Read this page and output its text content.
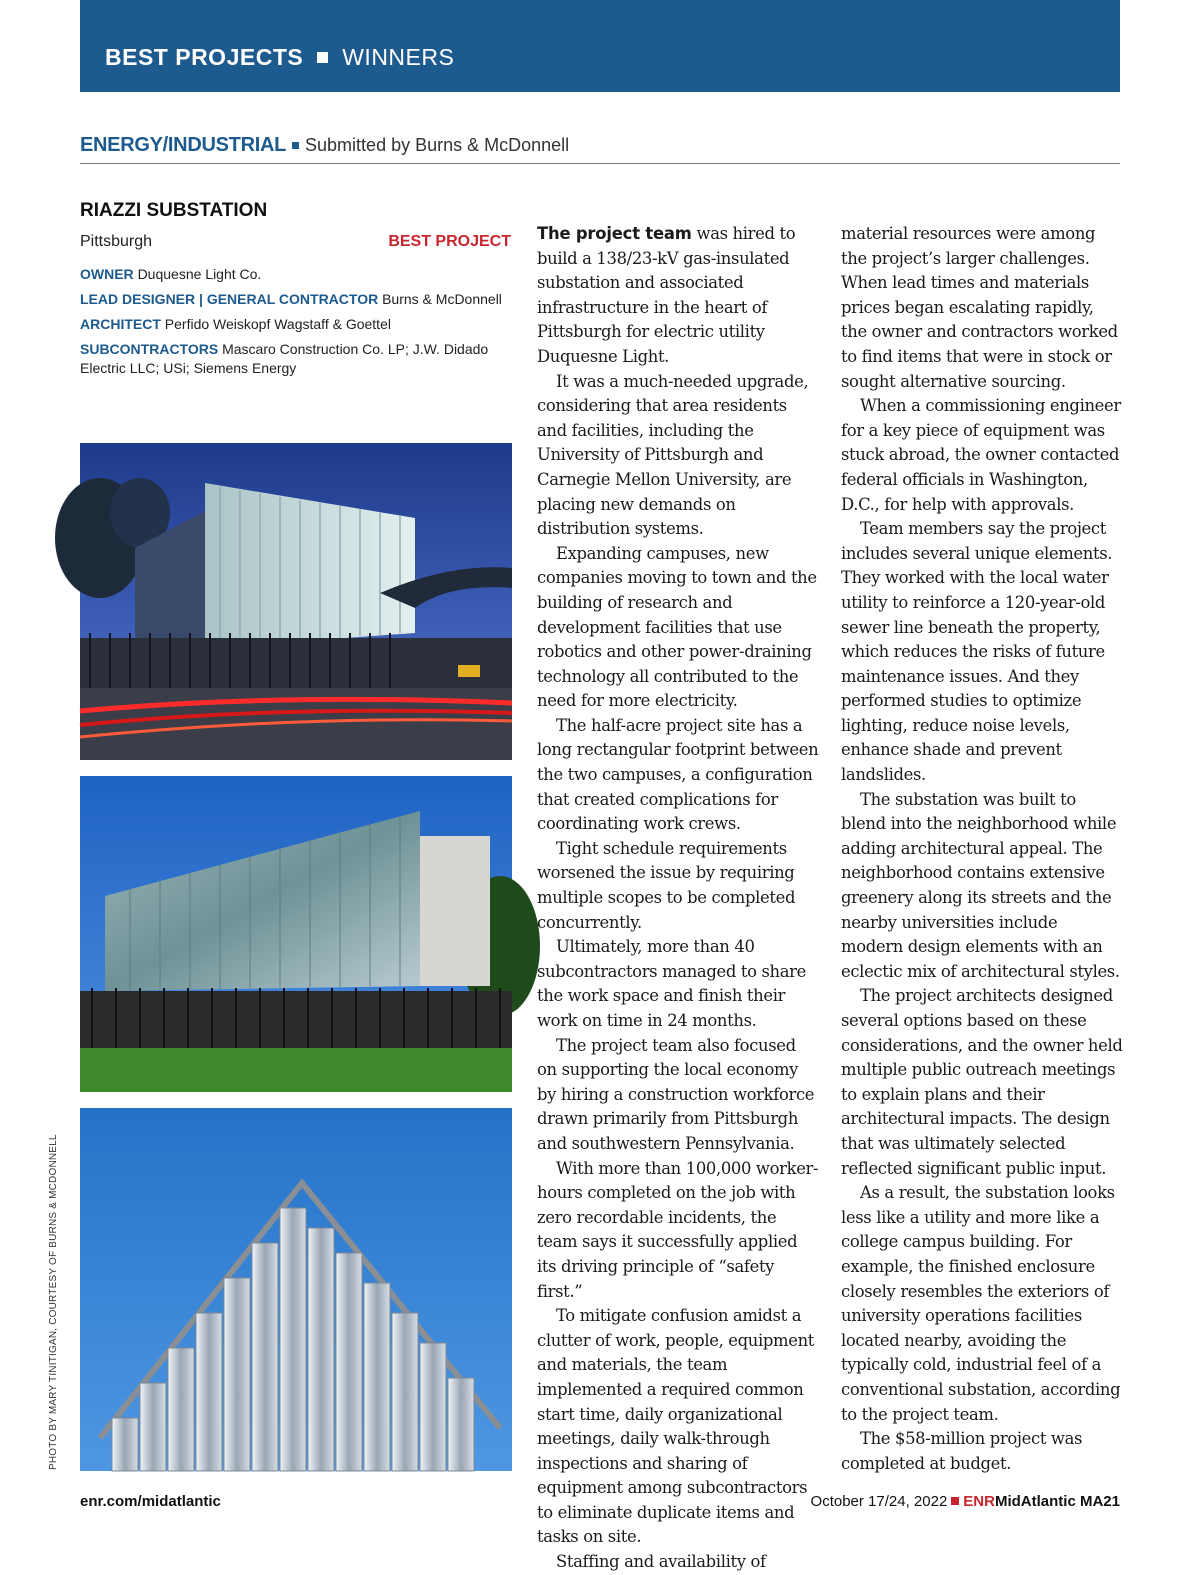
BEST PROJECTS WINNERS
ENERGY/INDUSTRIAL Submitted by Burns & McDonnell
RIAZZI SUBSTATION
Pittsburgh	BEST PROJECT
OWNER Duquesne Light Co.
LEAD DESIGNER | GENERAL CONTRACTOR Burns & McDonnell
ARCHITECT Perfido Weiskopf Wagstaff & Goettel
SUBCONTRACTORS Mascaro Construction Co. LP; J.W. Didado Electric LLC; USi; Siemens Energy
PHOTO BY MARY TINITIGAN, COURTESY OF BURNS & MCDONNELL

The project team was hired to build a 138/23-kV gas-insulated substation and associated infrastructure in the heart of Pittsburgh for electric utility Duquesne Light.

It was a much-needed upgrade, considering that area residents and facilities, including the University of Pittsburgh and Carnegie Mellon University, are placing new demands on distribution systems.

Expanding campuses, new companies moving to town and the building of research and development facilities that use robotics and other power-draining technology all contributed to the need for more electricity.

The half-acre project site has a long rectangular footprint between the two campuses, a configuration that created complications for coordinating work crews.

Tight schedule requirements worsened the issue by requiring multiple scopes to be completed concurrently.

Ultimately, more than 40 subcontractors managed to share the work space and finish their work on time in 24 months.

The project team also focused on supporting the local economy by hiring a construction workforce drawn primarily from Pittsburgh and southwestern Pennsylvania.

With more than 100,000 worker-hours completed on the job with zero recordable incidents, the team says it successfully applied its driving principle of “safety first.”

To mitigate confusion amidst a clutter of work, people, equipment and materials, the team implemented a required common start time, daily organizational meetings, daily walk-through inspections and sharing of equipment among subcontractors to eliminate duplicate items and tasks on site.

Staffing and availability of

material resources were among the project’s larger challenges. When lead times and materials prices began escalating rapidly, the owner and contractors worked to find items that were in stock or sought alternative sourcing.

When a commissioning engineer for a key piece of equipment was stuck abroad, the owner contacted federal officials in Washington, D.C., for help with approvals.

Team members say the project includes several unique elements. They worked with the local water utility to reinforce a 120-year-old sewer line beneath the property, which reduces the risks of future maintenance issues. And they performed studies to optimize lighting, reduce noise levels, enhance shade and prevent landslides.

The substation was built to blend into the neighborhood while adding architectural appeal. The neighborhood contains extensive greenery along its streets and the nearby universities include modern design elements with an eclectic mix of architectural styles.

The project architects designed several options based on these considerations, and the owner held multiple public outreach meetings to explain plans and their architectural impacts. The design that was ultimately selected reflected significant public input.

As a result, the substation looks less like a utility and more like a college campus building. For example, the finished enclosure closely resembles the exteriors of university operations facilities located nearby, avoiding the typically cold, industrial feel of a conventional substation, according to the project team.

The $58-million project was completed at budget.

enr.com/midatlantic	October 17/24, 2022 ENRMidAtlantic MA21
